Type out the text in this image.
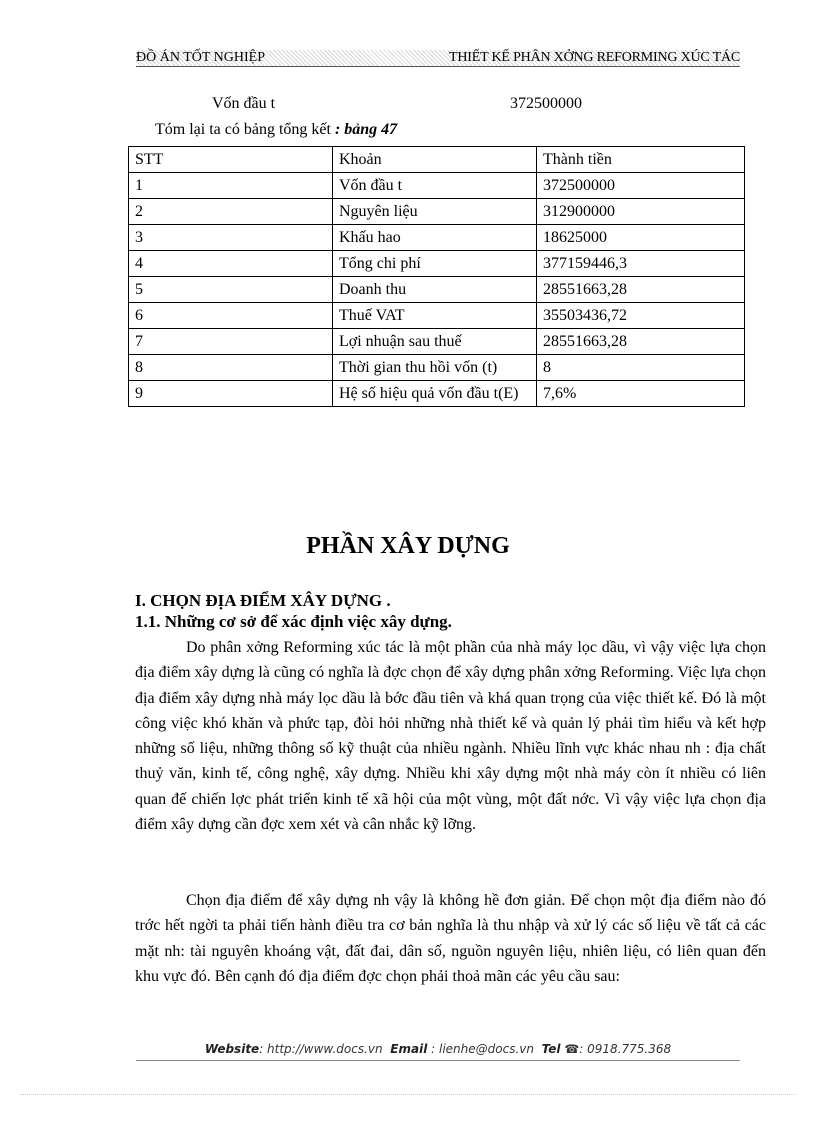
ĐỒ ÁN TỐT NGHIỆP	THIẾT KẾ PHÂN XỞNG REFORMING XÚC TÁC
Vốn đầu t	372500000
Tóm lại ta có bảng tổng kết : bảng 47
STT	Khoản	Thành tiền
1	Vốn đầu t	372500000
2	Nguyên liệu	312900000
3	Khấu hao	18625000
4	Tổng chi phí	377159446,3
5	Doanh thu	28551663,28
6	Thuế VAT	35503436,72
7	Lợi nhuận sau thuế	28551663,28
8	Thời gian thu hồi vốn (t)	8
9	Hệ số hiệu quả vốn đầu t(E)	7,6%
PHẦN XÂY DỰNG
I. CHỌN ĐỊA ĐIỂM XÂY DỰNG .
1.1. Những cơ sở để xác định việc xây dựng.

Do phân xởng Reforming xúc tác là một phần của nhà máy lọc dầu, vì vậy việc lựa chọn địa điểm xây dựng là cũng có nghĩa là đợc chọn để xây dựng phân xởng Reforming. Việc lựa chọn địa điểm xây dựng nhà máy lọc dầu là bớc đầu tiên và khá quan trọng của việc thiết kế. Đó là một công việc khó khăn và phức tạp, đòi hỏi những nhà thiết kế và quản lý phải tìm hiểu và kết hợp những số liệu, những thông số kỹ thuật của nhiều ngành. Nhiều lĩnh vực khác nhau nh : địa chất thuỷ văn, kinh tế, công nghệ, xây dựng. Nhiều khi xây dựng một nhà máy còn ít nhiều có liên quan đế chiến lợc phát triển kinh tế xã hội của một vùng, một đất nớc. Vì vậy việc lựa chọn địa điểm xây dựng cần đợc xem xét và cân nhắc kỹ lỡng.

Chọn địa điểm để xây dựng nh vậy là không hề đơn giản. Để chọn một địa điểm nào đó trớc hết ngời ta phải tiến hành điều tra cơ bản nghĩa là thu nhập và xử lý các số liệu về tất cả các mặt nh: tài nguyên khoáng vật, đất đai, dân số, nguồn nguyên liệu, nhiên liệu, có liên quan đến khu vực đó. Bên cạnh đó địa điểm đợc chọn phải thoả mãn các yêu cầu sau:

Website: http://www.docs.vn Email : lienhe@docs.vn Tel ☎: 0918.775.368
